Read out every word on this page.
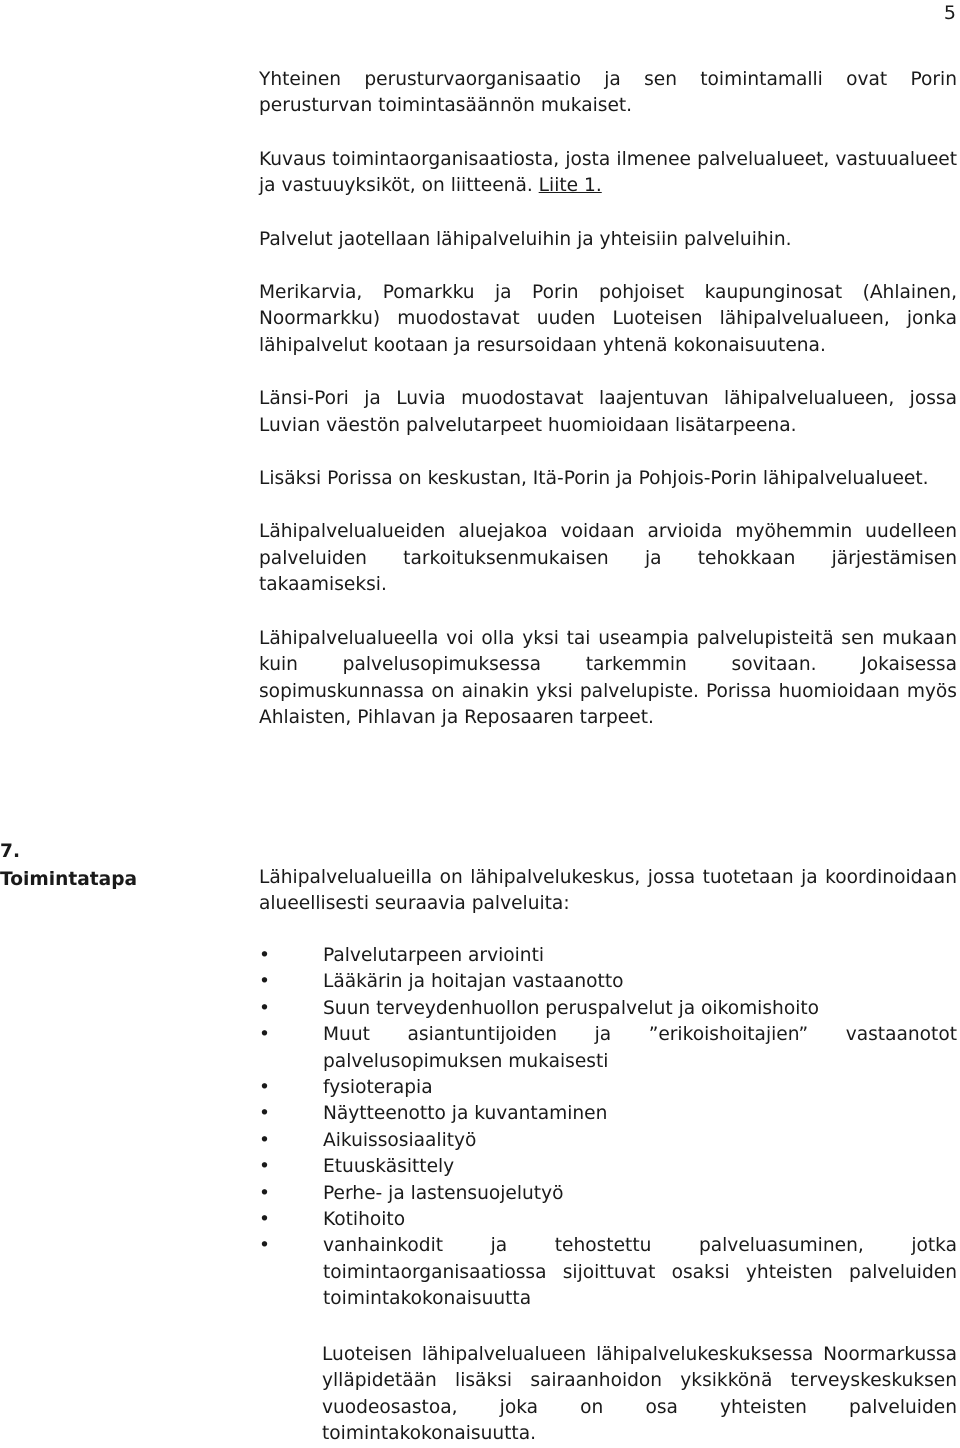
5

Yhteinen perusturvaorganisaatio ja sen toimintamalli ovat Porin perusturvan toimintasäännön mukaiset.

Kuvaus toimintaorganisaatiosta, josta ilmenee palvelualueet, vastuualueet ja vastuuyksiköt, on liitteenä. Liite 1.

Palvelut jaotellaan lähipalveluihin ja yhteisiin palveluihin.

Merikarvia, Pomarkku ja Porin pohjoiset kaupunginosat (Ahlainen, Noormarkku) muodostavat uuden Luoteisen lähipalvelualueen, jonka lähipalvelut kootaan ja resursoidaan yhtenä kokonaisuutena.

Länsi-Pori ja Luvia muodostavat laajentuvan lähipalvelualueen, jossa Luvian väestön palvelutarpeet huomioidaan lisätarpeena.

Lisäksi Porissa on keskustan, Itä-Porin ja Pohjois-Porin lähipalvelualueet.

Lähipalvelualueiden aluejakoa voidaan arvioida myöhemmin uudelleen palveluiden tarkoituksenmukaisen ja tehokkaan järjestämisen takaamiseksi.

Lähipalvelualueella voi olla yksi tai useampia palvelupisteitä sen mukaan kuin palvelusopimuksessa tarkemmin sovitaan. Jokaisessa sopimuskunnassa on ainakin yksi palvelupiste. Porissa huomioidaan myös Ahlaisten, Pihlavan ja Reposaaren tarpeet.

7.
Toimintatapa	Lähipalvelualueilla on lähipalvelukeskus, jossa tuotetaan ja koordinoidaan alueellisesti seuraavia palveluita:

•	Palvelutarpeen arviointi
•	Lääkärin ja hoitajan vastaanotto
•	Suun terveydenhuollon peruspalvelut ja oikomishoito
•	Muut asiantuntijoiden ja ”erikoishoitajien” vastaanotot palvelusopimuksen mukaisesti
•	fysioterapia
•	Näytteenotto ja kuvantaminen
•	Aikuissosiaalityö
•	Etuuskäsittely
•	Perhe- ja lastensuojelutyö
•	Kotihoito
•	vanhainkodit ja tehostettu palveluasuminen, jotka toimintaorganisaatiossa sijoittuvat osaksi yhteisten palveluiden toimintakokonaisuutta

Luoteisen lähipalvelualueen lähipalvelukeskuksessa Noormarkussa ylläpidetään lisäksi sairaanhoidon yksikkönä terveyskeskuksen vuodeosastoa, joka on osa yhteisten palveluiden toimintakokonaisuutta.
